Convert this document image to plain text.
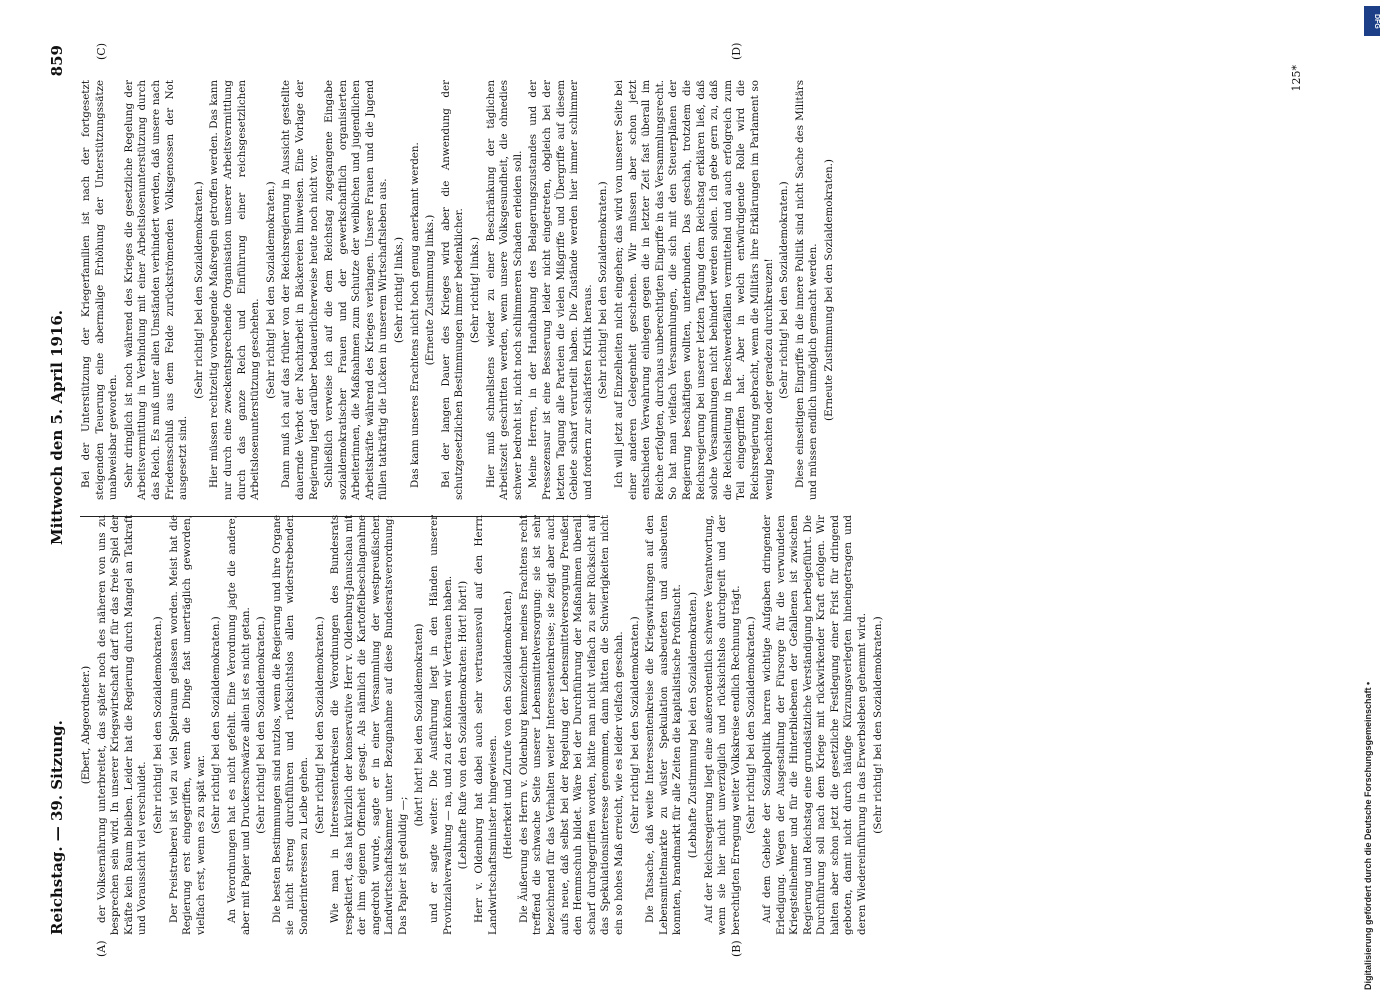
Reichstag. — 39. Sitzung.
Mittwoch den 5. April 1916.
859
(A)	(B)
(C)	(D)

(Ebert, Abgeordneter.) der Volksernährung unterbreitet, das später noch des näheren von uns zu besprechen sein wird. In unserer Kriegswirtschaft darf für das freie Spiel der Kräfte kein Raum bleiben. Leider hat die Regierung durch Mangel an Tatkraft und Voraussicht viel verschuldet.

(Sehr richtig! bei den Sozialdemokraten.) Der Preistreiberei ist viel zu viel Spielraum gelassen worden. Meist hat die Regierung erst eingegriffen, wenn die Dinge fast unerträglich geworden, vielfach erst, wenn es zu spät war.

(Sehr richtig! bei den Sozialdemokraten.) An Verordnungen hat es nicht gefehlt. Eine Verordnung jagte die andere, aber mit Papier und Druckerschwärze allein ist es nicht getan. (Sehr richtig! bei den Sozialdemokraten.) Die besten Bestimmungen sind nutzlos, wenn die Regierung und ihre Organe sie nicht streng durchführen und rücksichtslos allen widerstrebenden Sonderinteressen zu Leibe gehen.

(Sehr richtig! bei den Sozialdemokraten.) Wie man in Interessentenkreisen die Verordnungen des Bundesrats respektiert, das hat kürzlich der konservative Herr v. Oldenburg-Januschau mit der ihm eigenen Offenheit gesagt. Als nämlich die Kartoffelbeschlagnahme angedroht wurde, sagte er in einer Versammlung der westpreußischen Landwirtschaftskammer unter Bezugnahme auf diese Bundesratsverordnung: Das Papier ist geduldig —;

(hört! hört! bei den Sozialdemokraten) und er sagte weiter: Die Ausführung liegt in den Händen unserer Provinzialverwaltung — na, und zu der können wir Vertrauen haben. (Lebhafte Rufe von den Sozialdemokraten: Hört! hört!) Herr v. Oldenburg hat dabei auch sehr vertrauensvoll auf den Herrn Landwirtschaftsminister hingewiesen. (Heiterkeit und Zurufe von den Sozialdemokraten.) Die Äußerung des Herrn v. Oldenburg kennzeichnet meines Erachtens recht treffend die schwache Seite unserer Lebensmittelversorgung: sie ist sehr bezeichnend für das Verhalten weiter Interessentenkreise; sie zeigt aber auch aufs neue, daß selbst bei der Regelung der Lebensmittelversorgung Preußen den Hemmschuh bildet. Wäre bei der Durchführung der Maßnahmen überall scharf durchgegriffen worden, hätte man nicht vielfach zu sehr Rücksicht auf das Spekulationsinteresse genommen, dann hätten die Schwierigkeiten nicht ein so hohes Maß erreicht, wie es leider vielfach geschah. (Sehr richtig! bei den Sozialdemokraten.) Die Tatsache, daß weite Interessentenkreise die Kriegswirkungen auf den Lebensmittelmarkte zu wüster Spekulation ausbeuteten und ausbeuten konnten, brandmarkt für alle Zeiten die kapitalistische Profitsucht. (Lebhafte Zustimmung bei den Sozialdemokraten.) Auf der Reichsregierung liegt eine außerordentlich schwere Verantwortung, wenn sie hier nicht unverzüglich und rücksichtslos durchgreift und der berechtigten Erregung weiter Volkskreise endlich Rechnung trägt. (Sehr richtig! bei den Sozialdemokraten.) Auf dem Gebiete der Sozialpolitik harren wichtige Aufgaben dringender Erledigung. Wegen der Ausgestaltung der Fürsorge für die verwundeten Kriegsteilnehmer und für die Hinterbliebenen der Gefallenen ist zwischen Regierung und Reichstag eine grundsätzliche Verständigung herbeigeführt. Die Durchführung soll nach dem Kriege mit rückwirkender Kraft erfolgen. Wir halten aber schon jetzt die gesetzliche Festlegung einer Frist für dringend geboten, damit nicht durch häufige Kürzungsverlegten hineingetragen und deren Wiedereinführung in das Erwerbsleben gehemmt wird. (Sehr richtig! bei den Sozialdemokraten.)

Bei der Unterstützung der Kriegerfamilien ist nach der fortgesetzt steigenden Teuerung eine abermalige Erhöhung der Unterstützungssätze unabweisbar geworden. Sehr dringlich ist noch während des Krieges die gesetzliche Regelung der Arbeitsvermittlung in Verbindung mit einer Arbeitslosenunterstützung durch das Reich. Es muß unter allen Umständen verhindert werden, daß unsere nach Friedensschluß aus dem Felde zurückströmenden Volksgenossen der Not ausgesetzt sind.

(Sehr richtig! bei den Sozialdemokraten.) Hier müssen rechtzeitig vorbeugende Maßregeln getroffen werden. Das kann nur durch eine zweckentsprechende Organisation unserer Arbeitsvermittlung durch das ganze Reich und Einführung einer reichsgesetzlichen Arbeitslosenunterstützung geschehen.

(Sehr richtig! bei den Sozialdemokraten.) Dann muß ich auf das früher von der Reichsregierung in Aussicht gestellte dauernde Verbot der Nachtarbeit in Bäckereien hinweisen. Eine Vorlage der Regierung liegt darüber bedauerlicherweise heute noch nicht vor. Schließlich verweise ich auf die dem Reichstag zugegangene Eingabe sozialdemokratischer Frauen und der gewerkschaftlich organisierten Arbeiterinnen, die Maßnahmen zum Schutze der weiblichen und jugendlichen Arbeitskräfte während des Krieges verlangen. Unsere Frauen und die Jugend füllen tatkräftig die Lücken in unserem Wirtschaftsleben aus. (Sehr richtig! links.) Das kann unseres Erachtens nicht hoch genug anerkannt werden. (Erneute Zustimmung links.) Bei der langen Dauer des Krieges wird aber die Anwendung der schutzgesetzlichen Bestimmungen immer bedenklicher. (Sehr richtig! links.) Hier muß schnellstens wieder zu einer Beschränkung der täglichen Arbeitszeit geschritten werden, wenn unsere Volksgesundheit, die ohnedies schwer bedroht ist, nicht noch schlimmeren Schaden erleiden soll. Meine Herren, in der Handhabung des Belagerungszustandes und der Pressezensur ist eine Besserung leider nicht eingetreten, obgleich bei der letzten Tagung alle Parteien die vielen Mißgriffe und Übergriffe auf diesem Gebiete scharf verurteilt haben. Die Zustände werden hier immer schlimmer und fordern zur schärfsten Kritik heraus. (Sehr richtig! bei den Sozialdemokraten.) Ich will jetzt auf Einzelheiten nicht eingehen; das wird von unserer Seite bei einer anderen Gelegenheit geschehen. Wir müssen aber schon jetzt entschieden Verwahrung einlegen gegen die in letzter Zeit fast überall im Reiche erfolgten, durchaus unberechtigten Eingriffe in das Versammlungsrecht. So hat man vielfach Versammlungen, die sich mit den Steuerplänen der Regierung beschäftigen wollten, unterbunden. Das geschah, trotzdem die Reichsregierung bei unserer letzten Tagung dem Reichstag erklären ließ, daß solche Versammlungen nicht behindert werden sollen. Ich gebe gern zu, daß die Reichsleitung in Beschwerdefällen vermittelnd und auch erfolgreich zum Teil eingegriffen hat. Aber in welch entwürdigende Rolle wird die Reichsregierung gebracht, wenn die Militärs ihre Erklärungen im Parlament so wenig beachten oder geradezu durchkreuzen! (Sehr richtig! bei den Sozialdemokraten.) Diese einseitigen Eingriffe in die innere Politik sind nicht Sache des Militärs und müssen endlich unmöglich gemacht werden. (Erneute Zustimmung bei den Sozialdemokraten.)

125*
DFG
Digitalisierung gefördert durch die Deutsche Forschungsgemeinschaft •
